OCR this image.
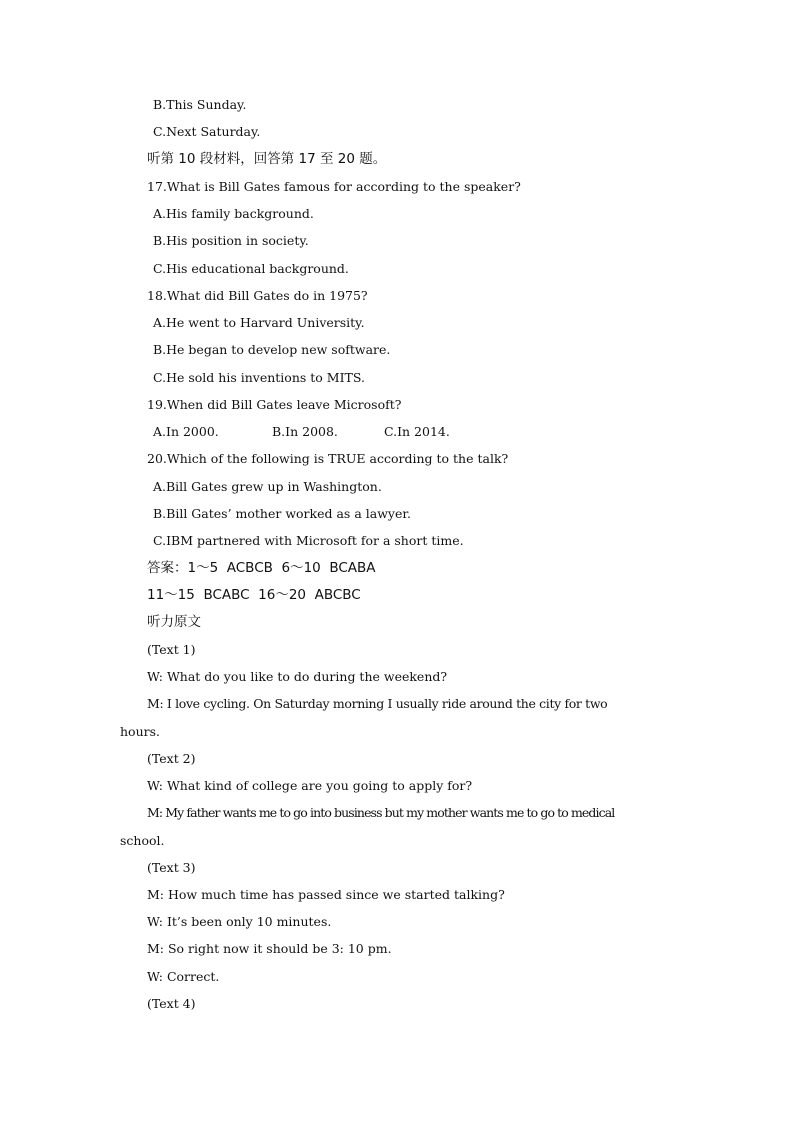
B.This Sunday.
C.Next Saturday.
听第 10 段材料，回答第 17 至 20 题。
17.What is Bill Gates famous for according to the speaker?
A.His family background.
B.His position in society.
C.His educational background.
18.What did Bill Gates do in 1975?
A.He went to Harvard University.
B.He began to develop new software.
C.He sold his inventions to MITS.
19.When did Bill Gates leave Microsoft?
A.In 2000.	B.In 2008.	C.In 2014.
20.Which of the following is TRUE according to the talk?
A.Bill Gates grew up in Washington.
B.Bill Gates’ mother worked as a lawyer.
C.IBM partnered with Microsoft for a short time.
答案：1～5  ACBCB  6～10  BCABA
11～15  BCABC  16～20  ABCBC
听力原文
(Text 1)
W: What do you like to do during the weekend?
M: I love cycling. On Saturday morning I usually ride around the city for two
hours.
(Text 2)
W: What kind of college are you going to apply for?
M: My father wants me to go into business but my mother wants me to go to medical
school.
(Text 3)
M: How much time has passed since we started talking?
W: It’s been only 10 minutes.
M: So right now it should be 3: 10 pm.
W: Correct.
(Text 4)
